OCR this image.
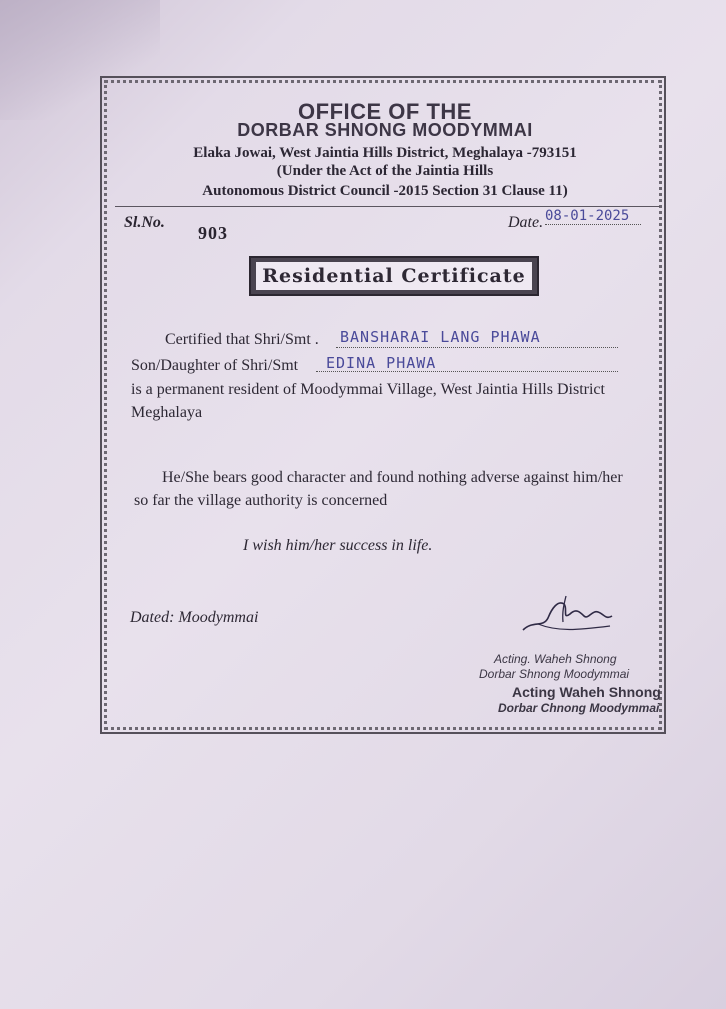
OFFICE OF THE
DORBAR SHNONG MOODYMMAI
Elaka Jowai, West Jaintia Hills District, Meghalaya -793151
(Under the Act of the Jaintia Hills
Autonomous District Council -2015 Section 31 Clause 11)
Sl.No.
903
Date. 08-01-2025
Residential Certificate
Certified that Shri/Smt . BANSHARAI LANG PHAWA
Son/Daughter of Shri/Smt EDINA PHAWA
is a permanent resident of Moodymmai Village, West Jaintia Hills District
Meghalaya
He/She bears good character and found nothing adverse against him/her
so far the village authority is concerned
I wish him/her success in life.
Dated: Moodymmai
Acting. Waheh Shnong
Dorbar Shnong Moodymmai
Acting Waheh Shnong
Dorbar Chnong Moodymmai
